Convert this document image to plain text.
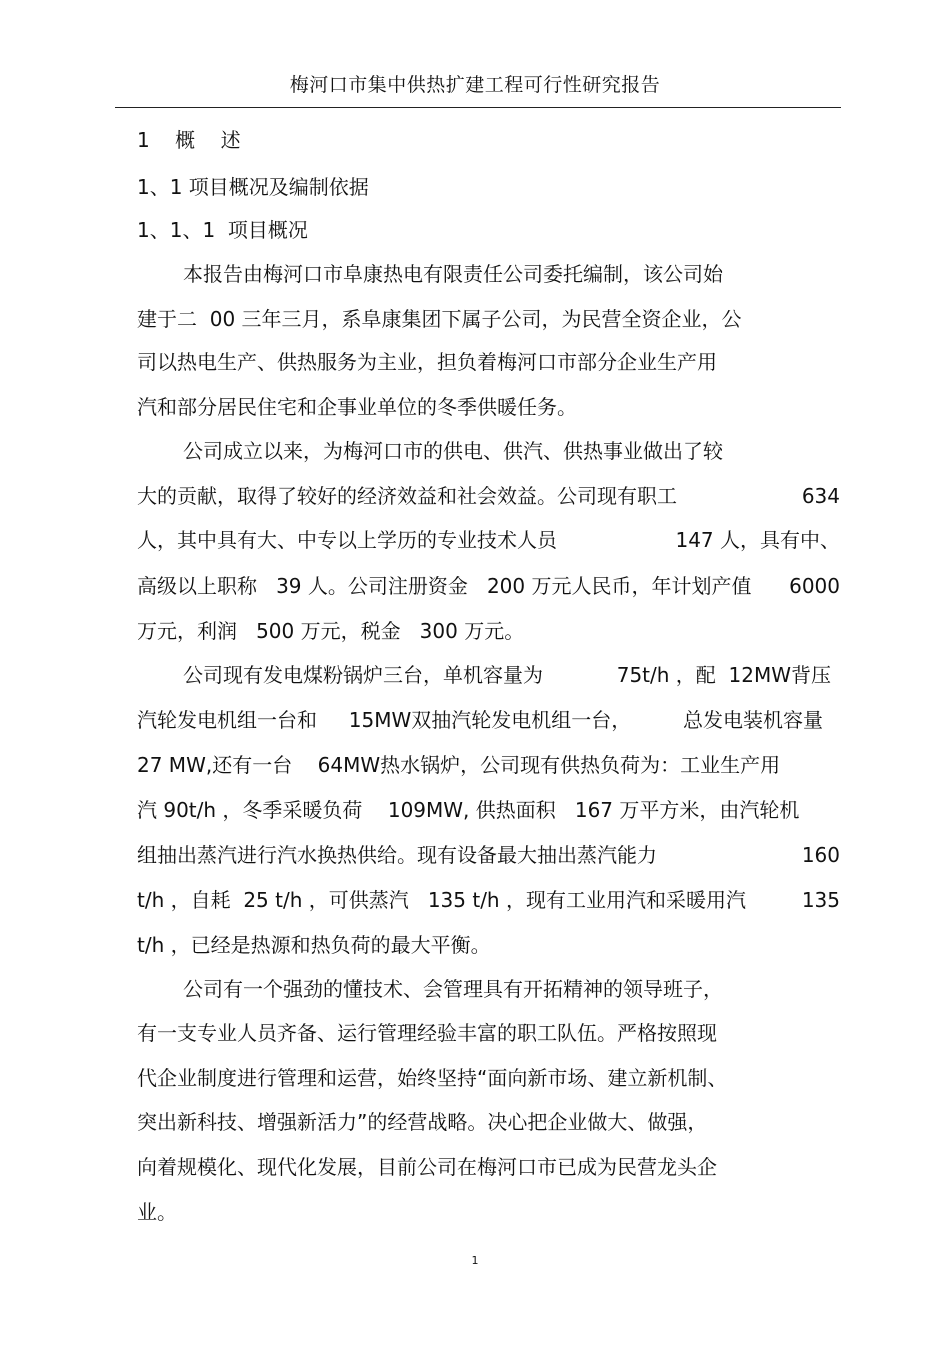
梅河口市集中供热扩建工程可行性研究报告
1    概    述
1、1 项目概况及编制依据
1、1、1  项目概况
本报告由梅河口市阜康热电有限责任公司委托编制，该公司始
建于二  00 三年三月，系阜康集团下属子公司，为民营全资企业，公
司以热电生产、供热服务为主业，担负着梅河口市部分企业生产用
汽和部分居民住宅和企事业单位的冬季供暖任务。
公司成立以来，为梅河口市的供电、供汽、供热事业做出了较
大的贡献，取得了较好的经济效益和社会效益。公司现有职工	634
人，其中具有大、中专以上学历的专业技术人员	147 人，具有中、
高级以上职称   39 人。公司注册资金   200 万元人民币，年计划产值 6000
万元，利润   500 万元，税金   300 万元。
公司现有发电煤粉锅炉三台，单机容量为	75t/h ，配  12MW背压
汽轮发电机组一台和     15MW双抽汽轮发电机组一台，	总发电装机容量
27 MW,还有一台    64MW热水锅炉，公司现有供热负荷为：工业生产用
汽 90t/h ，冬季采暖负荷    109MW, 供热面积   167 万平方米，由汽轮机
组抽出蒸汽进行汽水换热供给。现有设备最大抽出蒸汽能力	160
t/h ，自耗  25 t/h ，可供蒸汽   135 t/h ，现有工业用汽和采暖用汽	135
t/h ，已经是热源和热负荷的最大平衡。
公司有一个强劲的懂技术、会管理具有开拓精神的领导班子，
有一支专业人员齐备、运行管理经验丰富的职工队伍。严格按照现
代企业制度进行管理和运营，始终坚持“面向新市场、建立新机制、
突出新科技、增强新活力”的经营战略。决心把企业做大、做强，
向着规模化、现代化发展，目前公司在梅河口市已成为民营龙头企
业。
1
